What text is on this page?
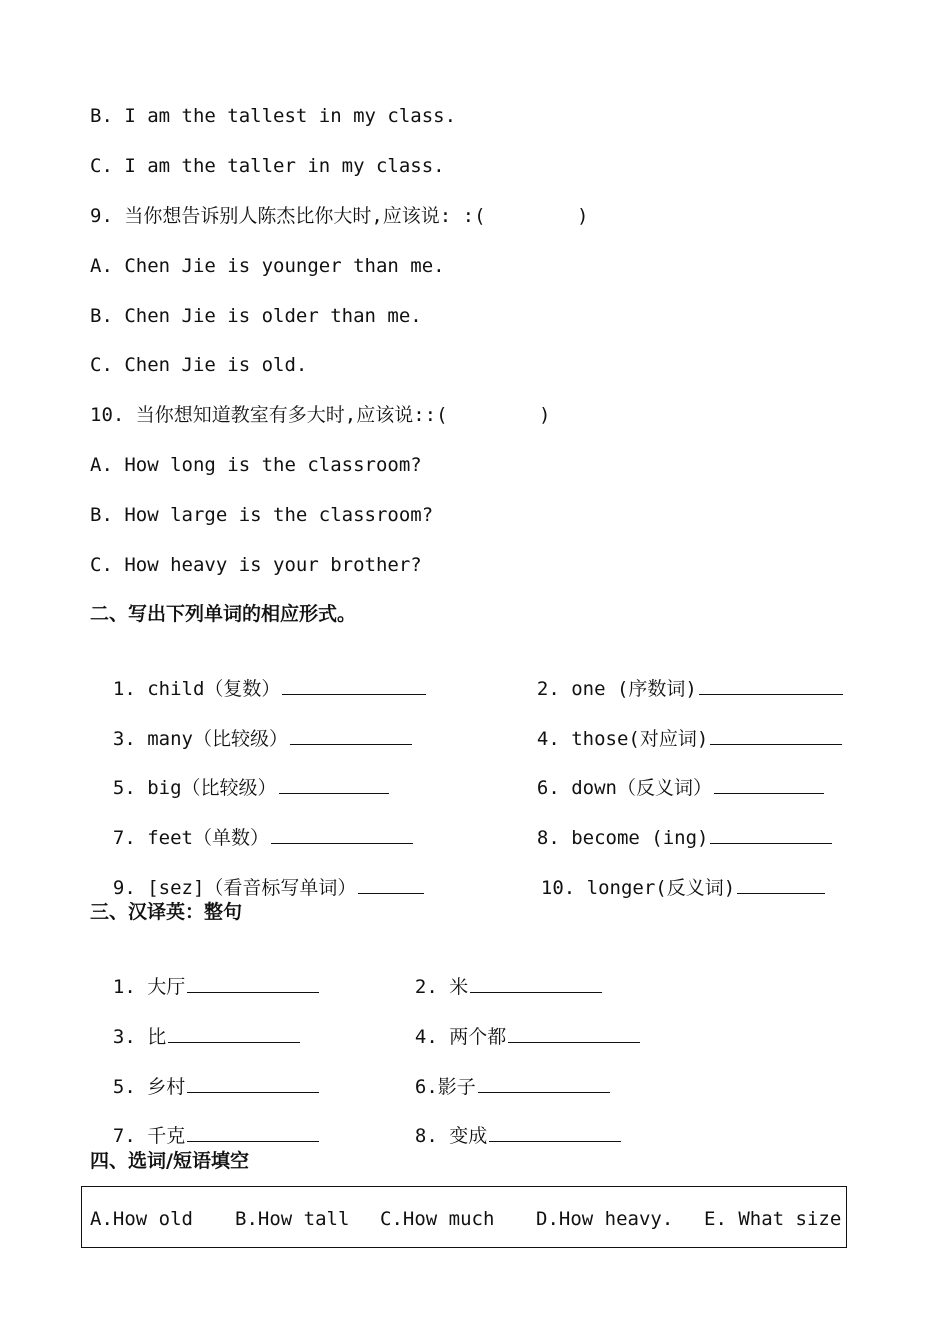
B. I am the tallest in my class.
C. I am the taller in my class.
9. 当你想告诉别人陈杰比你大时,应该说: :(        )
A. Chen Jie is younger than me.
B. Chen Jie is older than me.
C. Chen Jie is old.
10. 当你想知道教室有多大时,应该说::(        )
A. How long is the classroom?
B. How large is the classroom?
C. How heavy is your brother?
二、写出下列单词的相应形式。

1. child（复数）	2. one (序数词)

3. many（比较级）	4. those(对应词)

5. big（比较级）	6. down（反义词）

7. feet（单数）	8. become (ing)

9. [sez]（看音标写单词）	10. longer(反义词)

三、汉译英：整句

1. 大厅	2. 米

3. 比	4. 两个都

5. 乡村	6.影子

7. 千克	8. 变成

四、选词/短语填空
A.How old B.How tall C.How much D.How heavy. E. What size
